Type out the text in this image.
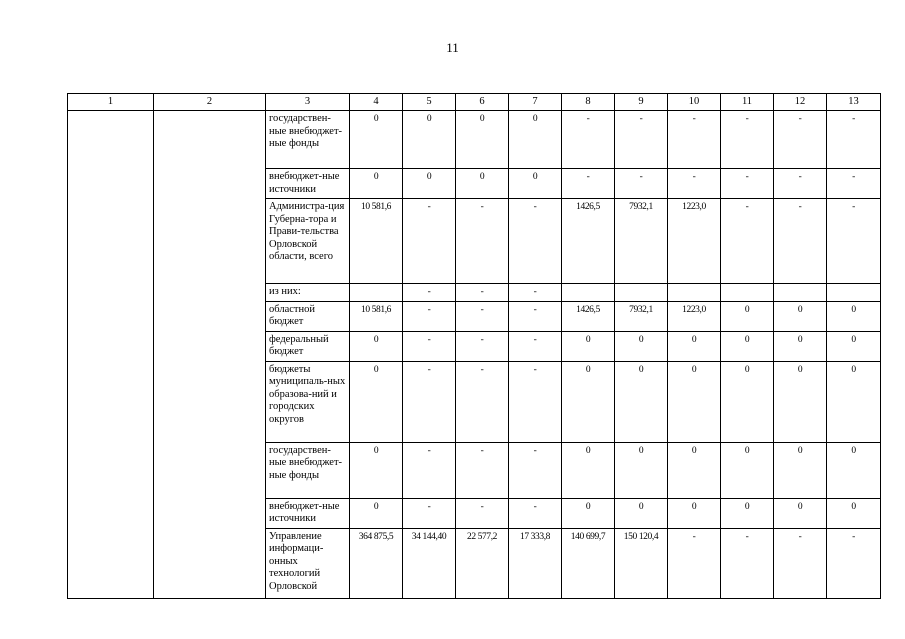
11
1	2	3	4	5	6	7	8	9	10	11	12	13
		государствен-ные внебюджет-ные фонды	0	0	0	0	-	-	-	-	-	-
		внебюджет-ные источники	0	0	0	0	-	-	-	-	-	-
		Администра-ция Губерна-тора и Прави-тельства Орловской области, всего	10 581,6	-	-	-	1426,5	7932,1	1223,0	-	-	-
		из них:		-	-	-						
		областной бюджет	10 581,6	-	-	-	1426,5	7932,1	1223,0	0	0	0
		федеральный бюджет	0	-	-	-	0	0	0	0	0	0
		бюджеты муниципаль-ных образова-ний и городских округов	0	-	-	-	0	0	0	0	0	0
		государствен-ные внебюджет-ные фонды	0	-	-	-	0	0	0	0	0	0
		внебюджет-ные источники	0	-	-	-	0	0	0	0	0	0
		Управление информаци-онных технологий Орловской	364 875,5	34 144,40	22 577,2	17 333,8	140 699,7	150 120,4	-	-	-	-
